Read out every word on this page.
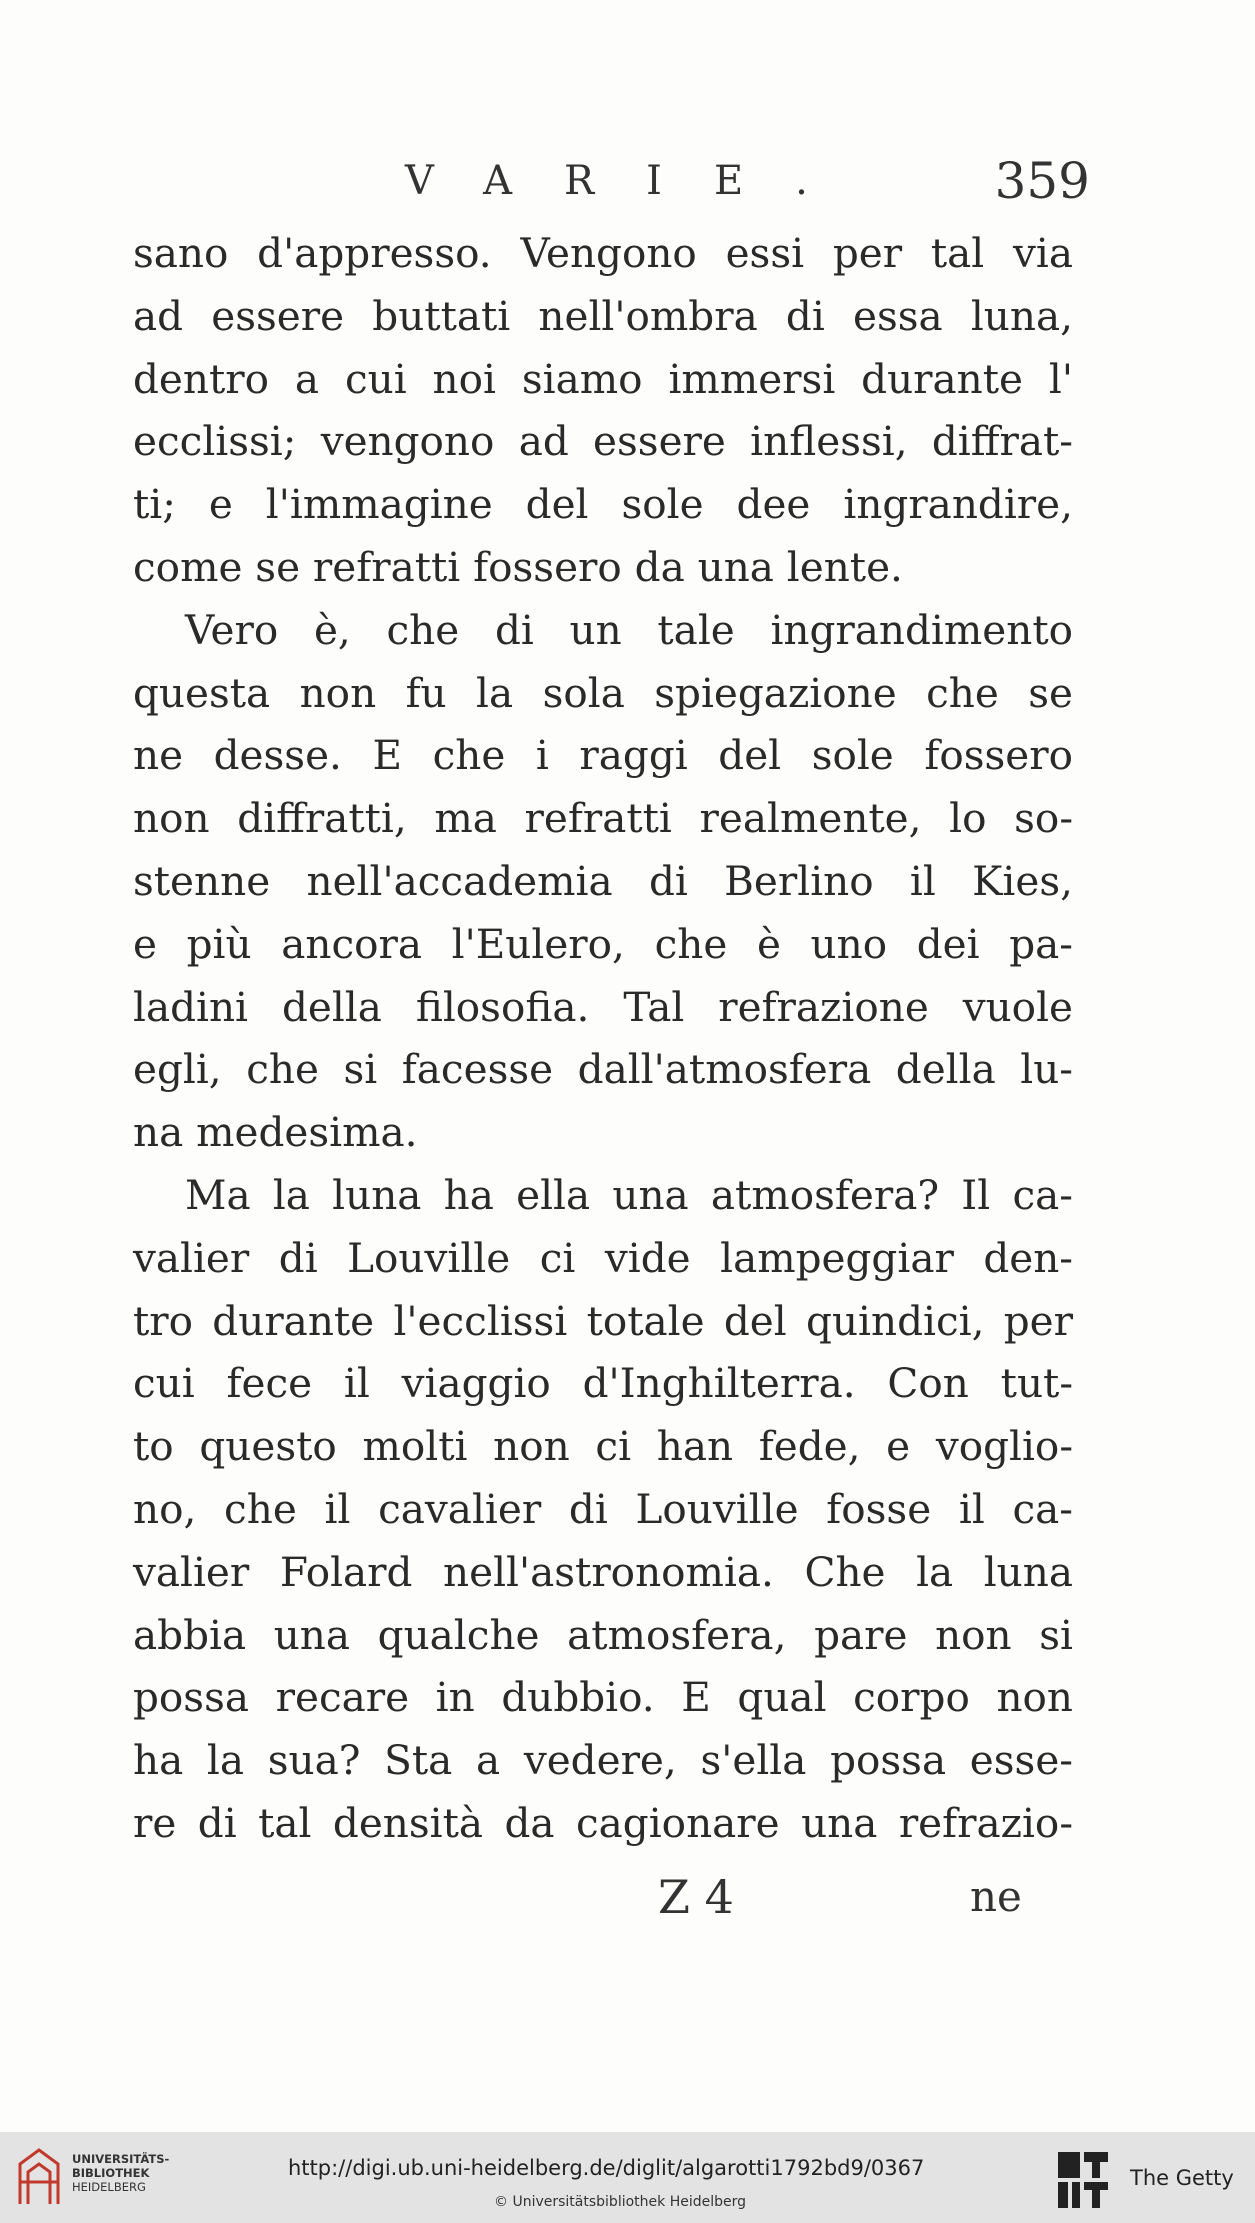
VARIE.	359
sano d'appresso. Vengono essi per tal via
ad essere buttati nell'ombra di essa luna,
dentro a cui noi siamo immersi durante l'
ecclissi; vengono ad essere inflessi, diffrat-
ti; e l'immagine del sole dee ingrandire,
come se refratti fossero da una lente.
Vero è, che di un tale ingrandimento
questa non fu la sola spiegazione che se
ne desse. E che i raggi del sole fossero
non diffratti, ma refratti realmente, lo so-
stenne nell'accademia di Berlino il Kies,
e più ancora l'Eulero, che è uno dei pa-
ladini della filosofia. Tal refrazione vuole
egli, che si facesse dall'atmosfera della lu-
na medesima.
Ma la luna ha ella una atmosfera? Il ca-
valier di Louville ci vide lampeggiar den-
tro durante l'ecclissi totale del quindici, per
cui fece il viaggio d'Inghilterra. Con tut-
to questo molti non ci han fede, e voglio-
no, che il cavalier di Louville fosse il ca-
valier Folard nell'astronomia. Che la luna
abbia una qualche atmosfera, pare non si
possa recare in dubbio. E qual corpo non
ha la sua? Sta a vedere, s'ella possa esse-
re di tal densità da cagionare una refrazio-
Z 4	ne
UNIVERSITÄTS-
BIBLIOTHEK
HEIDELBERG
http://digi.ub.uni-heidelberg.de/diglit/algarotti1792bd9/0367
© Universitätsbibliothek Heidelberg
The Getty
